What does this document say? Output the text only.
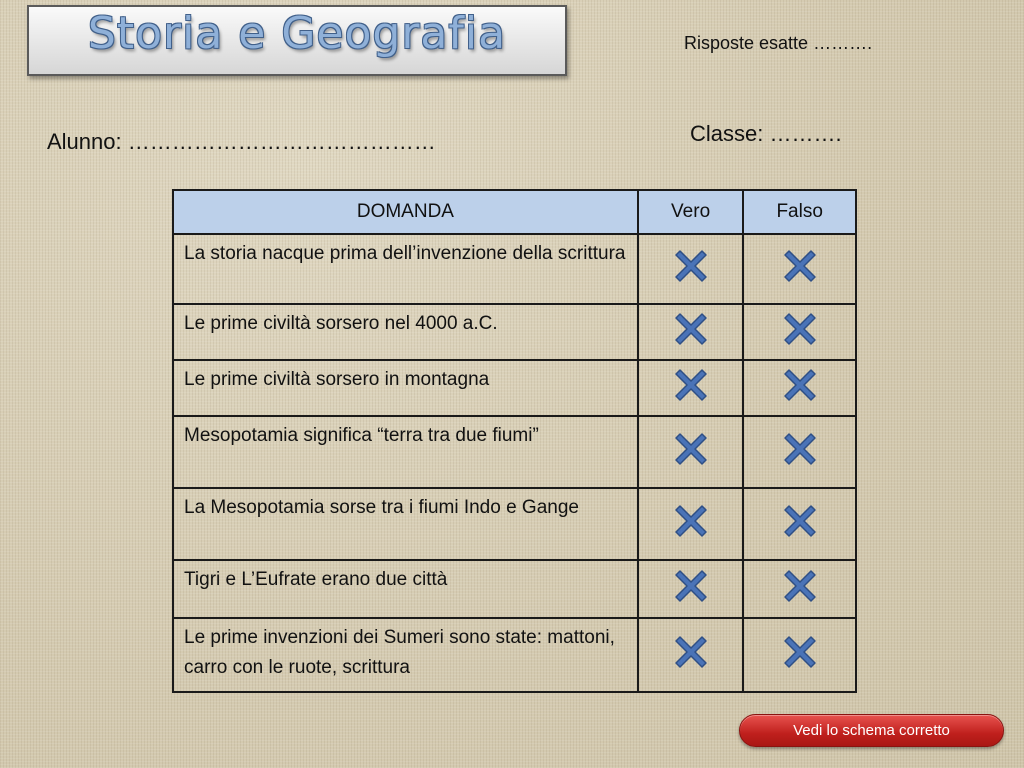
Storia e Geografia	Risposte esatte ……….
Classe: ……….
Alunno: ……………………………………
DOMANDA	Vero	Falso
La storia nacque prima dell’invenzione della scrittura		
Le prime civiltà sorsero nel 4000 a.C.		
Le prime civiltà sorsero in montagna		
Mesopotamia significa “terra tra due fiumi”		
La Mesopotamia sorse tra i fiumi Indo e Gange		
Tigri e L’Eufrate erano due città		
Le prime invenzioni dei Sumeri sono state: mattoni, carro con le ruote, scrittura		
Vedi lo schema corretto
